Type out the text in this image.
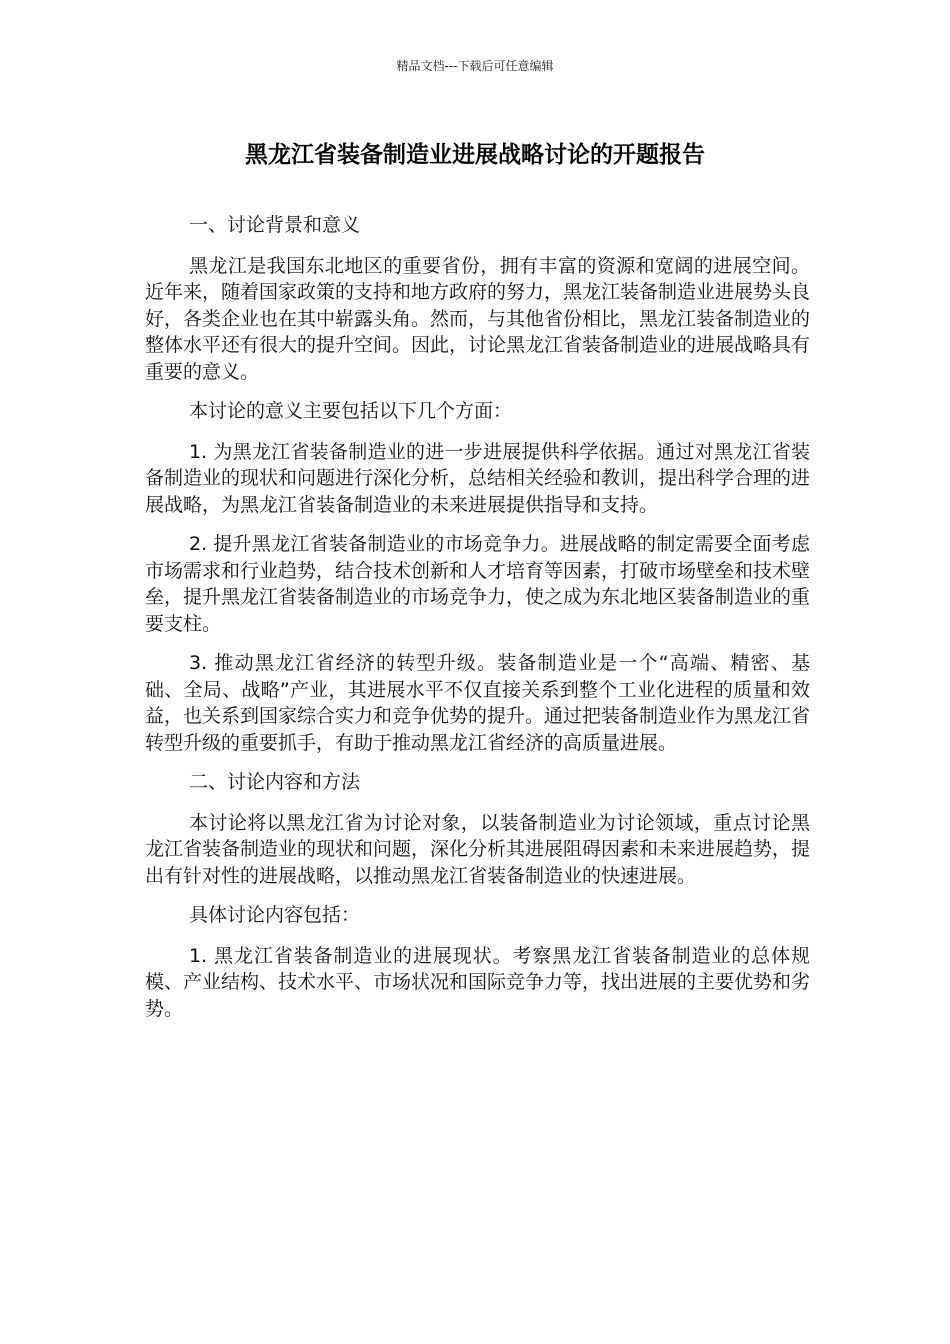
精品文档---下载后可任意编辑
黑龙江省装备制造业进展战略讨论的开题报告

一、讨论背景和意义

黑龙江是我国东北地区的重要省份，拥有丰富的资源和宽阔的进展空间。近年来，随着国家政策的支持和地方政府的努力，黑龙江装备制造业进展势头良好，各类企业也在其中崭露头角。然而，与其他省份相比，黑龙江装备制造业的整体水平还有很大的提升空间。因此，讨论黑龙江省装备制造业的进展战略具有重要的意义。

本讨论的意义主要包括以下几个方面：

1. 为黑龙江省装备制造业的进一步进展提供科学依据。通过对黑龙江省装备制造业的现状和问题进行深化分析，总结相关经验和教训，提出科学合理的进展战略，为黑龙江省装备制造业的未来进展提供指导和支持。

2. 提升黑龙江省装备制造业的市场竞争力。进展战略的制定需要全面考虑市场需求和行业趋势，结合技术创新和人才培育等因素，打破市场壁垒和技术壁垒，提升黑龙江省装备制造业的市场竞争力，使之成为东北地区装备制造业的重要支柱。

3. 推动黑龙江省经济的转型升级。装备制造业是一个“高端、精密、基础、全局、战略”产业，其进展水平不仅直接关系到整个工业化进程的质量和效益，也关系到国家综合实力和竞争优势的提升。通过把装备制造业作为黑龙江省转型升级的重要抓手，有助于推动黑龙江省经济的高质量进展。

二、讨论内容和方法

本讨论将以黑龙江省为讨论对象，以装备制造业为讨论领域，重点讨论黑龙江省装备制造业的现状和问题，深化分析其进展阻碍因素和未来进展趋势，提出有针对性的进展战略，以推动黑龙江省装备制造业的快速进展。

具体讨论内容包括：

1. 黑龙江省装备制造业的进展现状。考察黑龙江省装备制造业的总体规模、产业结构、技术水平、市场状况和国际竞争力等，找出进展的主要优势和劣势。
